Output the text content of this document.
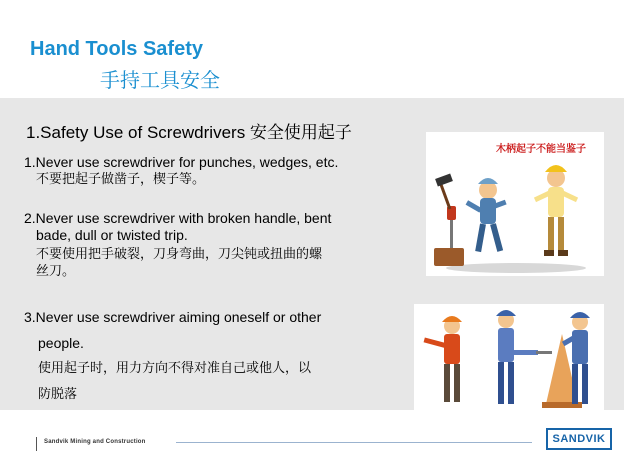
Hand Tools Safety
手持工具安全
1.Safety Use of Screwdrivers 安全使用起子
1.Never use screwdriver for punches, wedges, etc.
不要把起子做凿子，楔子等。
2.Never use screwdriver with broken handle, bent
bade, dull or twisted trip.
不要使用把手破裂，刀身弯曲，刀尖钝或扭曲的螺
丝刀。
3.Never use screwdriver aiming oneself or other
people.
使用起子时，用力方向不得对准自己或他人，以
防脱落
木柄起子不能当鉴子
Sandvik Mining and Construction	SANDVIK
